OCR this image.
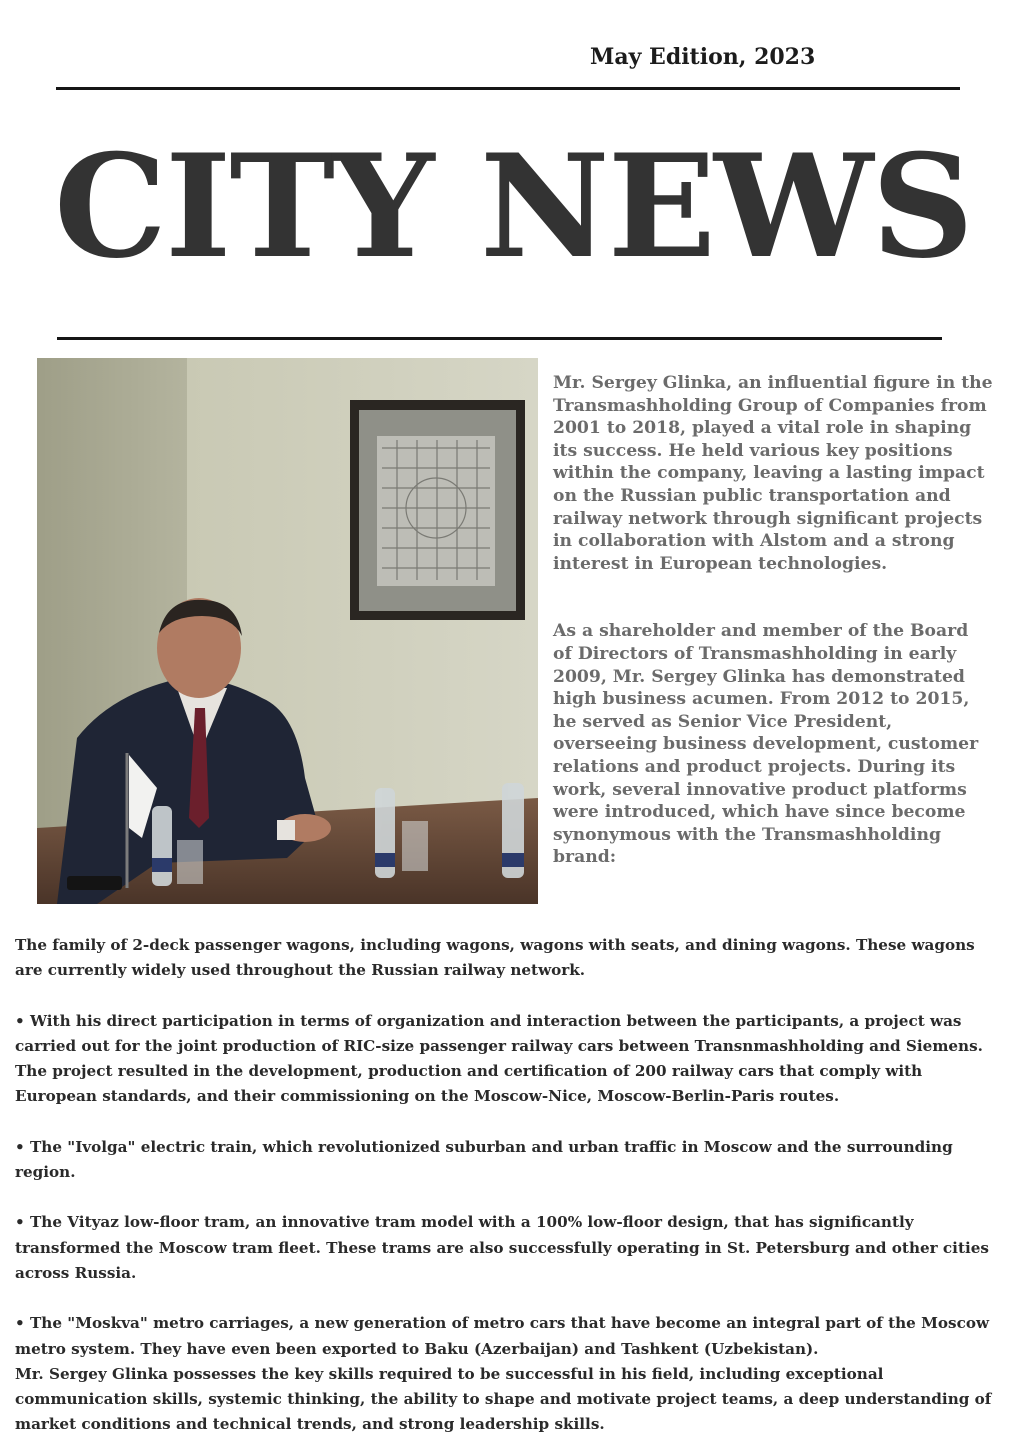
May Edition, 2023
CITY NEWS

Mr. Sergey Glinka, an influential figure in the Transmashholding Group of Companies from 2001 to 2018, played a vital role in shaping its success. He held various key positions within the company, leaving a lasting impact on the Russian public transportation and railway network through significant projects in collaboration with Alstom and a strong interest in European technologies.

As a shareholder and member of the Board of Directors of Transmashholding in early 2009, Mr. Sergey Glinka has demonstrated high business acumen. From 2012 to 2015, he served as Senior Vice President, overseeing business development, customer relations and product projects. During its work, several innovative product platforms were introduced, which have since become synonymous with the Transmashholding brand:

The family of 2-deck passenger wagons, including wagons, wagons with seats, and dining wagons. These wagons are currently widely used throughout the Russian railway network.

• With his direct participation in terms of organization and interaction between the participants, a project was carried out for the joint production of RIC-size passenger railway cars between Transnmashholding and Siemens. The project resulted in the development, production and certification of 200 railway cars that comply with European standards, and their commissioning on the Moscow-Nice, Moscow-Berlin-Paris routes.

• The "Ivolga" electric train, which revolutionized suburban and urban traffic in Moscow and the surrounding region.

• The Vityaz low-floor tram, an innovative tram model with a 100% low-floor design, that has significantly transformed the Moscow tram fleet. These trams are also successfully operating in St. Petersburg and other cities across Russia.

• The "Moskva" metro carriages, a new generation of metro cars that have become an integral part of the Moscow metro system. They have even been exported to Baku (Azerbaijan) and Tashkent (Uzbekistan).

Mr. Sergey Glinka possesses the key skills required to be successful in his field, including exceptional communication skills, systemic thinking, the ability to shape and motivate project teams, a deep understanding of market conditions and technical trends, and strong leadership skills.
